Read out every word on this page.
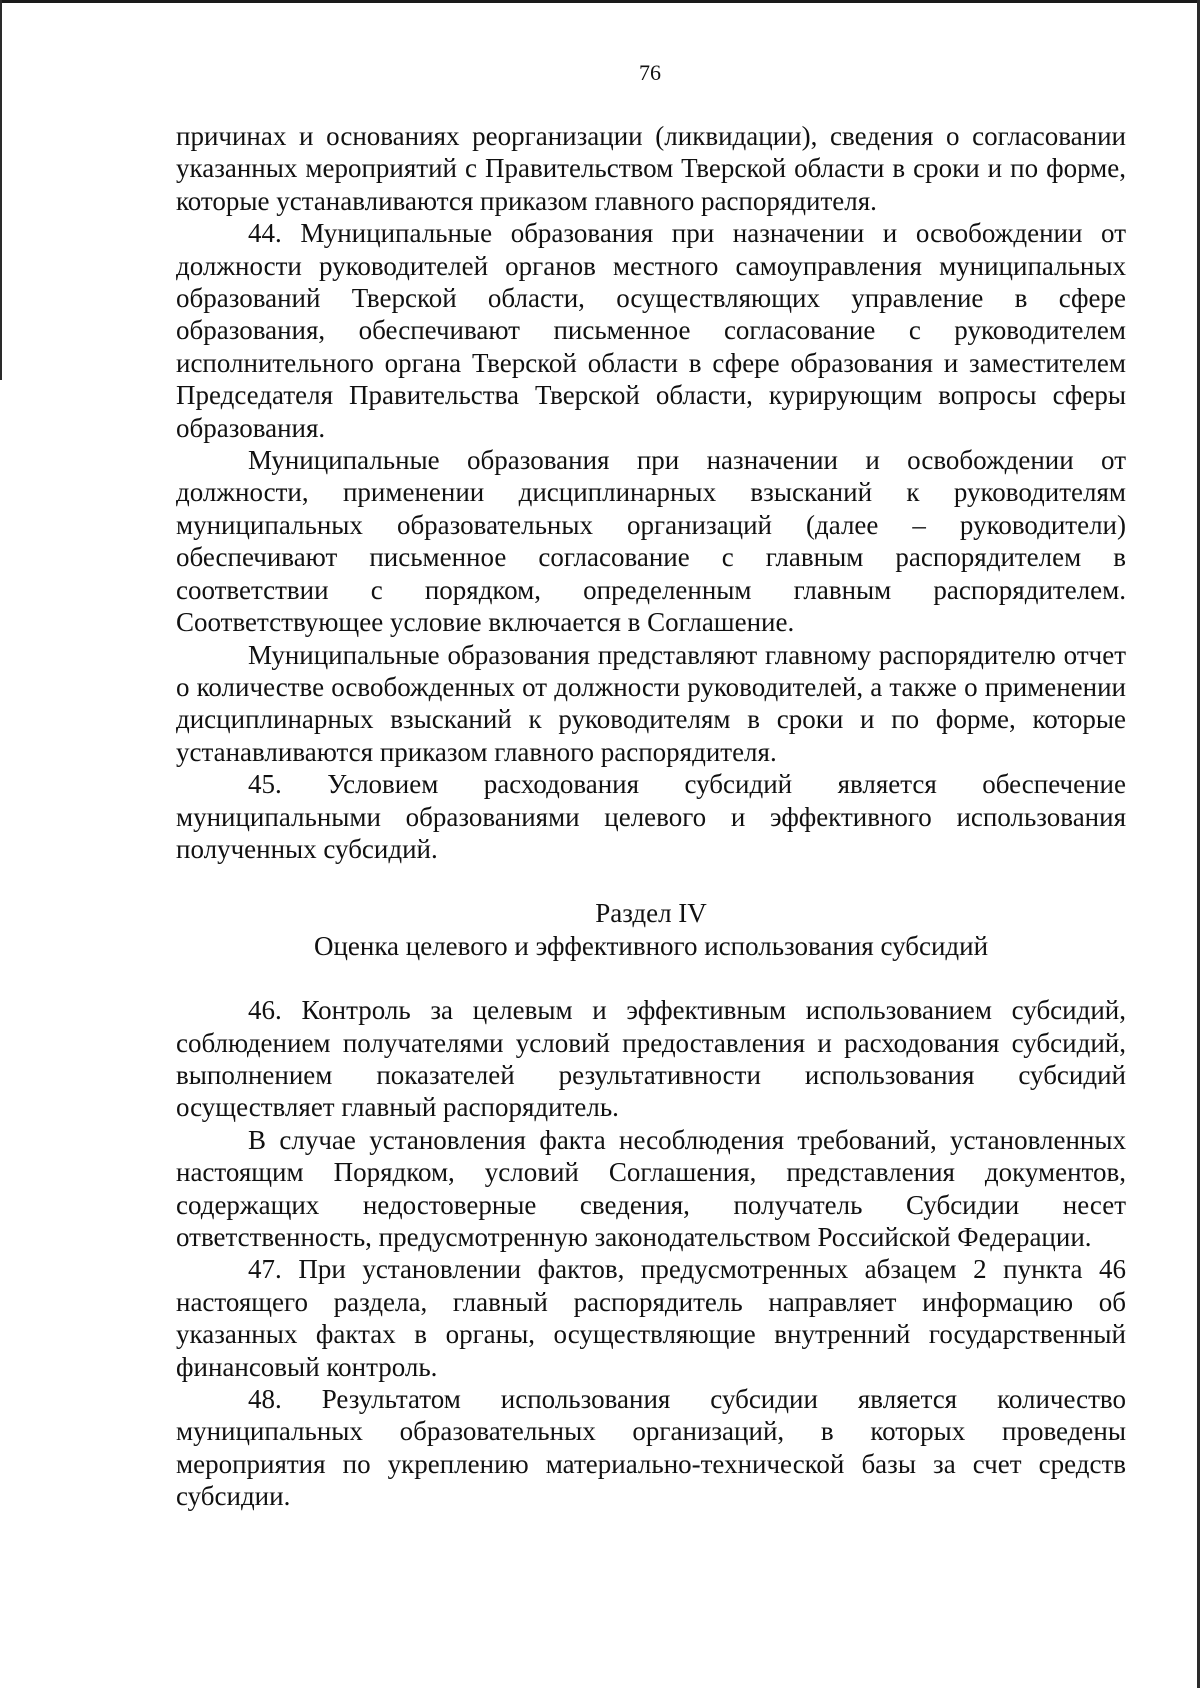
76

причинах и основаниях реорганизации (ликвидации), сведения о согласовании указанных мероприятий с Правительством Тверской области в сроки и по форме, которые устанавливаются приказом главного распорядителя.

44. Муниципальные образования при назначении и освобождении от должности руководителей органов местного самоуправления муниципальных образований Тверской области, осуществляющих управление в сфере образования, обеспечивают письменное согласование с руководителем исполнительного органа Тверской области в сфере образования и заместителем Председателя Правительства Тверской области, курирующим вопросы сферы образования.

Муниципальные образования при назначении и освобождении от должности, применении дисциплинарных взысканий к руководителям муниципальных образовательных организаций (далее – руководители) обеспечивают письменное согласование с главным распорядителем в соответствии с порядком, определенным главным распорядителем. Соответствующее условие включается в Соглашение.

Муниципальные образования представляют главному распорядителю отчет о количестве освобожденных от должности руководителей, а также о применении дисциплинарных взысканий к руководителям в сроки и по форме, которые устанавливаются приказом главного распорядителя.

45. Условием расходования субсидий является обеспечение муниципальными образованиями целевого и эффективного использования полученных субсидий.

Раздел IV
Оценка целевого и эффективного использования субсидий

46. Контроль за целевым и эффективным использованием субсидий, соблюдением получателями условий предоставления и расходования субсидий, выполнением показателей результативности использования субсидий осуществляет главный распорядитель.

В случае установления факта несоблюдения требований, установленных настоящим Порядком, условий Соглашения, представления документов, содержащих недостоверные сведения, получатель Субсидии несет ответственность, предусмотренную законодательством Российской Федерации.

47. При установлении фактов, предусмотренных абзацем 2 пункта 46 настоящего раздела, главный распорядитель направляет информацию об указанных фактах в органы, осуществляющие внутренний государственный финансовый контроль.

48. Результатом использования субсидии является количество муниципальных образовательных организаций, в которых проведены мероприятия по укреплению материально-технической базы за счет средств субсидии.
